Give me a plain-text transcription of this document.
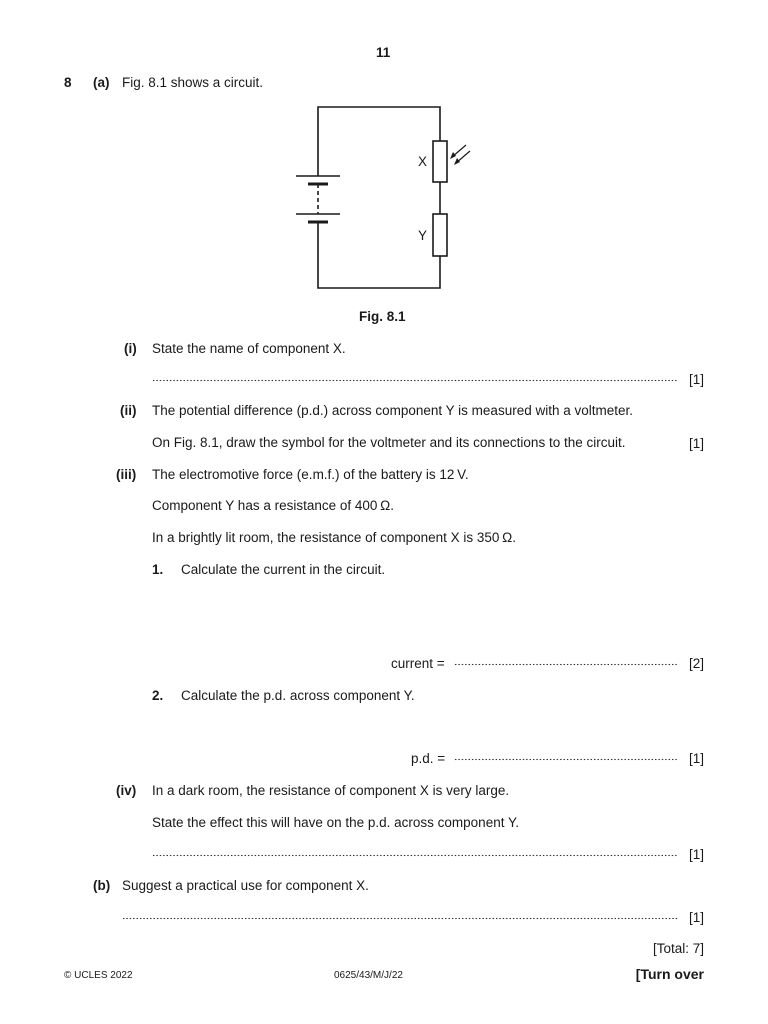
11
8 (a) Fig. 8.1 shows a circuit.
X
Y
Fig. 8.1
(i) State the name of component X.
[1]
(ii) The potential difference (p.d.) across component Y is measured with a voltmeter.
On Fig. 8.1, draw the symbol for the voltmeter and its connections to the circuit.	[1]
(iii) The electromotive force (e.m.f.) of the battery is 12 V.
Component Y has a resistance of 400 Ω.
In a brightly lit room, the resistance of component X is 350 Ω.
1. Calculate the current in the circuit.
current =	[2]
2. Calculate the p.d. across component Y.
p.d. =	[1]
(iv) In a dark room, the resistance of component X is very large.
State the effect this will have on the p.d. across component Y.
[1]
(b) Suggest a practical use for component X.
[1]
[Total: 7]
© UCLES 2022	0625/43/M/J/22	[Turn over
